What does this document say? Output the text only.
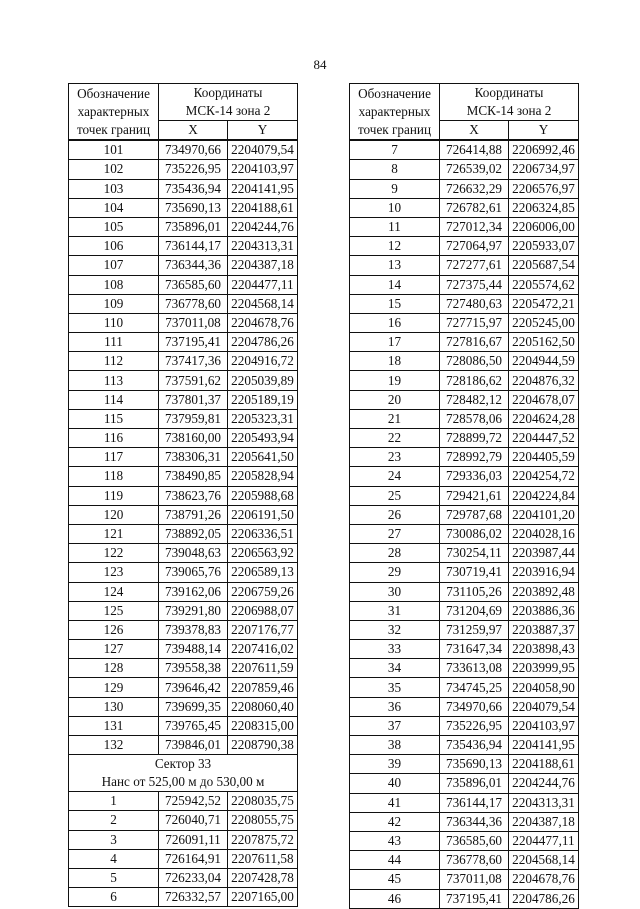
84
Обозначение
характерных
точек границ	Координаты
МСК-14 зона 2	
	X	Y
101	734970,66	2204079,54
102	735226,95	2204103,97
103	735436,94	2204141,95
104	735690,13	2204188,61
105	735896,01	2204244,76
106	736144,17	2204313,31
107	736344,36	2204387,18
108	736585,60	2204477,11
109	736778,60	2204568,14
110	737011,08	2204678,76
111	737195,41	2204786,26
112	737417,36	2204916,72
113	737591,62	2205039,89
114	737801,37	2205189,19
115	737959,81	2205323,31
116	738160,00	2205493,94
117	738306,31	2205641,50
118	738490,85	2205828,94
119	738623,76	2205988,68
120	738791,26	2206191,50
121	738892,05	2206336,51
122	739048,63	2206563,92
123	739065,76	2206589,13
124	739162,06	2206759,26
125	739291,80	2206988,07
126	739378,83	2207176,77
127	739488,14	2207416,02
128	739558,38	2207611,59
129	739646,42	2207859,46
130	739699,35	2208060,40
131	739765,45	2208315,00
132	739846,01	2208790,38

Сектор 33
Нанс от 525,00 м до 530,00 м		

1	725942,52	2208035,75
2	726040,71	2208055,75
3	726091,11	2207875,72
4	726164,91	2207611,58
5	726233,04	2207428,78
6	726332,57	2207165,00
Обозначение
характерных
точек границ	Координаты
МСК-14 зона 2	
	X	Y
7	726414,88	2206992,46
8	726539,02	2206734,97
9	726632,29	2206576,97
10	726782,61	2206324,85
11	727012,34	2206006,00
12	727064,97	2205933,07
13	727277,61	2205687,54
14	727375,44	2205574,62
15	727480,63	2205472,21
16	727715,97	2205245,00
17	727816,67	2205162,50
18	728086,50	2204944,59
19	728186,62	2204876,32
20	728482,12	2204678,07
21	728578,06	2204624,28
22	728899,72	2204447,52
23	728992,79	2204405,59
24	729336,03	2204254,72
25	729421,61	2204224,84
26	729787,68	2204101,20
27	730086,02	2204028,16
28	730254,11	2203987,44
29	730719,41	2203916,94
30	731105,26	2203892,48
31	731204,69	2203886,36
32	731259,97	2203887,37
33	731647,34	2203898,43
34	733613,08	2203999,95
35	734745,25	2204058,90
36	734970,66	2204079,54
37	735226,95	2204103,97
38	735436,94	2204141,95
39	735690,13	2204188,61
40	735896,01	2204244,76
41	736144,17	2204313,31
42	736344,36	2204387,18
43	736585,60	2204477,11
44	736778,60	2204568,14
45	737011,08	2204678,76
46	737195,41	2204786,26
